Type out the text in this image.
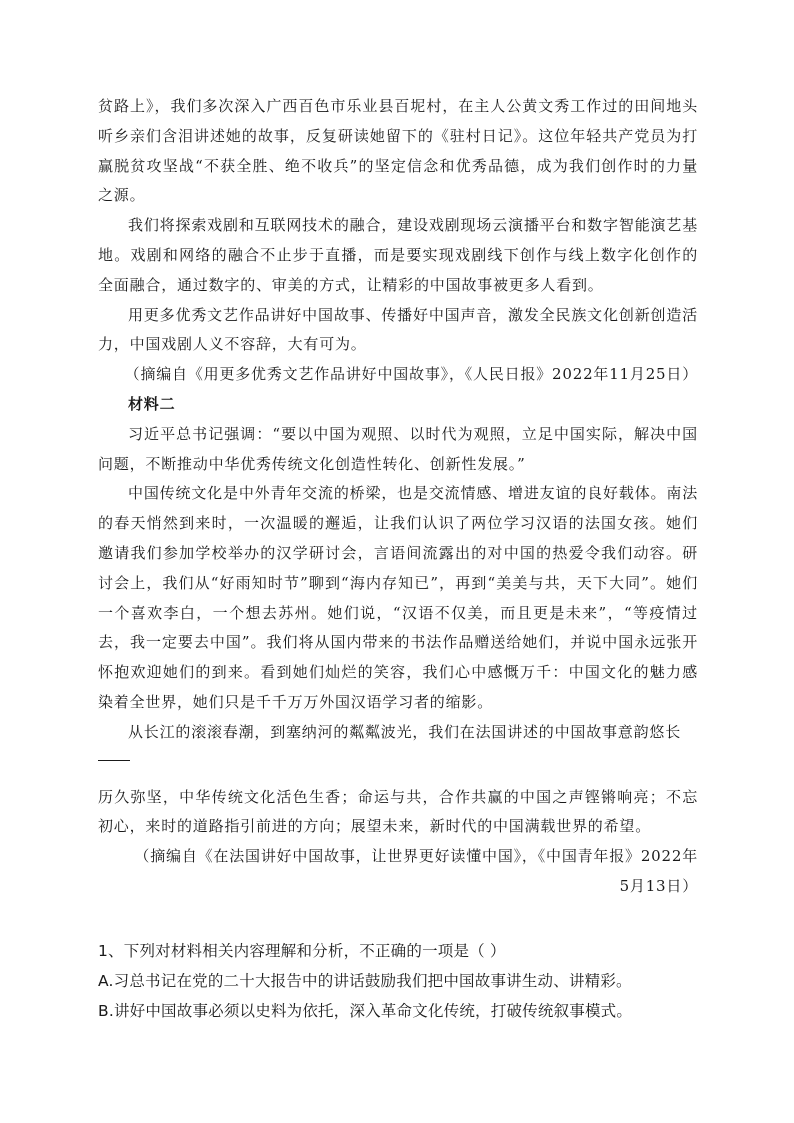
贫路上》，我们多次深入广西百色市乐业县百坭村，在主人公黄文秀工作过的田间地头听乡亲们含泪讲述她的故事，反复研读她留下的《驻村日记》。这位年轻共产党员为打赢脱贫攻坚战“不获全胜、绝不收兵”的坚定信念和优秀品德，成为我们创作时的力量之源。

我们将探索戏剧和互联网技术的融合，建设戏剧现场云演播平台和数字智能演艺基地。戏剧和网络的融合不止步于直播，而是要实现戏剧线下创作与线上数字化创作的全面融合，通过数字的、审美的方式，让精彩的中国故事被更多人看到。

用更多优秀文艺作品讲好中国故事、传播好中国声音，激发全民族文化创新创造活力，中国戏剧人义不容辞，大有可为。

（摘编自《用更多优秀文艺作品讲好中国故事》，《人民日报》2022年11月25日）

材料二

习近平总书记强调：“要以中国为观照、以时代为观照，立足中国实际，解决中国问题，不断推动中华优秀传统文化创造性转化、创新性发展。”

中国传统文化是中外青年交流的桥梁，也是交流情感、增进友谊的良好载体。南法的春天悄然到来时，一次温暖的邂逅，让我们认识了两位学习汉语的法国女孩。她们邀请我们参加学校举办的汉学研讨会，言语间流露出的对中国的热爱令我们动容。研讨会上，我们从“好雨知时节”聊到“海内存知已”，再到“美美与共，天下大同”。她们一个喜欢李白，一个想去苏州。她们说，“汉语不仅美，而且更是未来”，“等疫情过去，我一定要去中国”。我们将从国内带来的书法作品赠送给她们，并说中国永远张开怀抱欢迎她们的到来。看到她们灿烂的笑容，我们心中感慨万千：中国文化的魅力感染着全世界，她们只是千千万万外国汉语学习者的缩影。

从长江的滚滚春潮，到塞纳河的粼粼波光，我们在法国讲述的中国故事意韵悠长

历久弥坚，中华传统文化活色生香；命运与共，合作共赢的中国之声铿锵响亮；不忘初心，来时的道路指引前进的方向；展望未来，新时代的中国满载世界的希望。

（摘编自《在法国讲好中国故事，让世界更好读懂中国》，《中国青年报》2022年

5月13日）

1、下列对材料相关内容理解和分析，不正确的一项是（ ）

A.习总书记在党的二十大报告中的讲话鼓励我们把中国故事讲生动、讲精彩。

B.讲好中国故事必须以史料为依托，深入革命文化传统，打破传统叙事模式。
